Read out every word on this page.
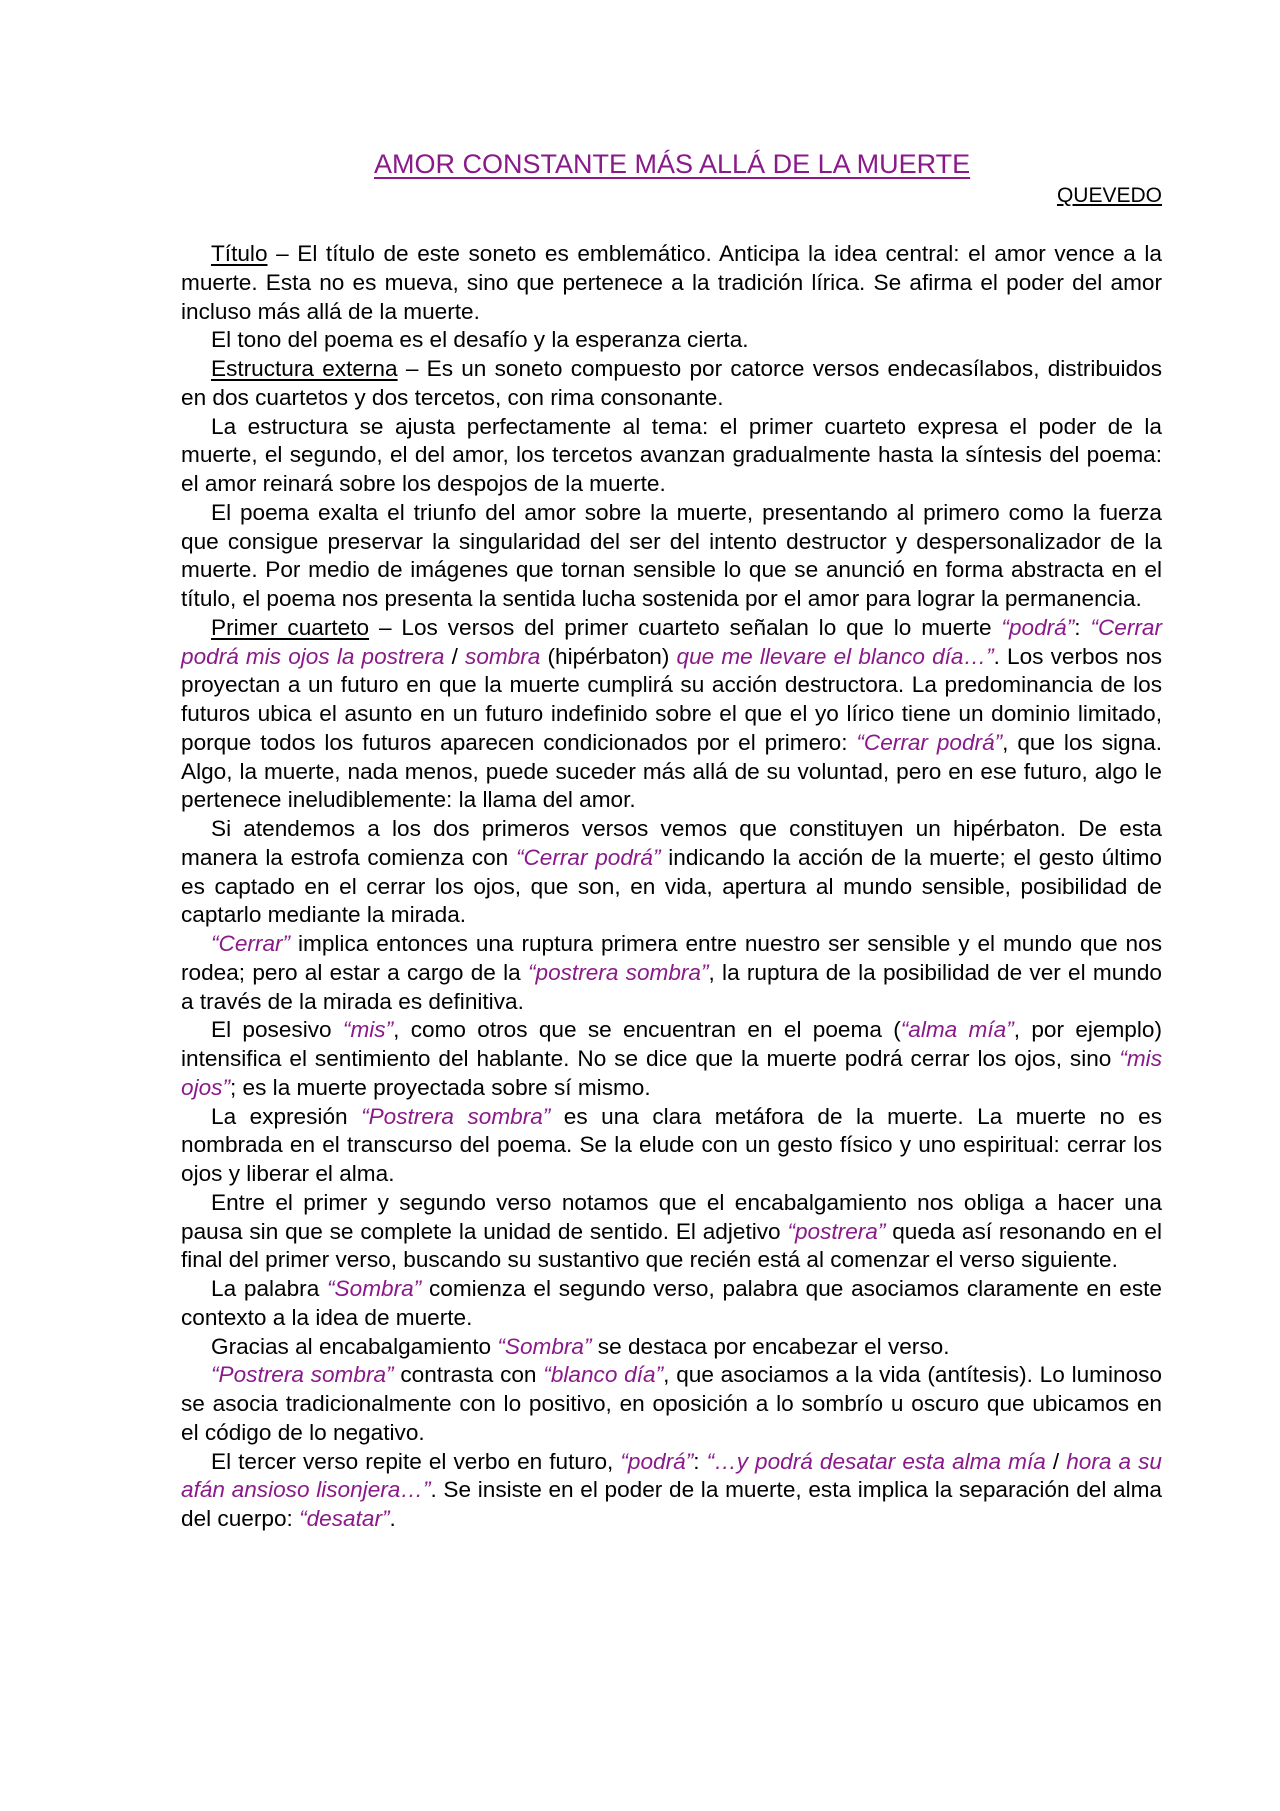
AMOR CONSTANTE MÁS ALLÁ DE LA MUERTE
QUEVEDO

Título – El título de este soneto es emblemático. Anticipa la idea central: el amor vence a la muerte. Esta no es mueva, sino que pertenece a la tradición lírica. Se afirma el poder del amor incluso más allá de la muerte.

El tono del poema es el desafío y la esperanza cierta.

Estructura externa – Es un soneto compuesto por catorce versos endecasílabos, distribuidos en dos cuartetos y dos tercetos, con rima consonante.

La estructura se ajusta perfectamente al tema: el primer cuarteto expresa el poder de la muerte, el segundo, el del amor, los tercetos avanzan gradualmente hasta la síntesis del poema: el amor reinará sobre los despojos de la muerte.

El poema exalta el triunfo del amor sobre la muerte, presentando al primero como la fuerza que consigue preservar la singularidad del ser del intento destructor y despersonalizador de la muerte. Por medio de imágenes que tornan sensible lo que se anunció en forma abstracta en el título, el poema nos presenta la sentida lucha sostenida por el amor para lograr la permanencia.

Primer cuarteto – Los versos del primer cuarteto señalan lo que lo muerte “podrá”: “Cerrar podrá mis ojos la postrera / sombra (hipérbaton) que me llevare el blanco día…”. Los verbos nos proyectan a un futuro en que la muerte cumplirá su acción destructora. La predominancia de los futuros ubica el asunto en un futuro indefinido sobre el que el yo lírico tiene un dominio limitado, porque todos los futuros aparecen condicionados por el primero: “Cerrar podrá”, que los signa. Algo, la muerte, nada menos, puede suceder más allá de su voluntad, pero en ese futuro, algo le pertenece ineludiblemente: la llama del amor.

Si atendemos a los dos primeros versos vemos que constituyen un hipérbaton. De esta manera la estrofa comienza con “Cerrar podrá” indicando la acción de la muerte; el gesto último es captado en el cerrar los ojos, que son, en vida, apertura al mundo sensible, posibilidad de captarlo mediante la mirada.

“Cerrar” implica entonces una ruptura primera entre nuestro ser sensible y el mundo que nos rodea; pero al estar a cargo de la “postrera sombra”, la ruptura de la posibilidad de ver el mundo a través de la mirada es definitiva.

El posesivo “mis”, como otros que se encuentran en el poema (“alma mía”, por ejemplo) intensifica el sentimiento del hablante. No se dice que la muerte podrá cerrar los ojos, sino “mis ojos”; es la muerte proyectada sobre sí mismo.

La expresión “Postrera sombra” es una clara metáfora de la muerte. La muerte no es nombrada en el transcurso del poema. Se la elude con un gesto físico y uno espiritual: cerrar los ojos y liberar el alma.

Entre el primer y segundo verso notamos que el encabalgamiento nos obliga a hacer una pausa sin que se complete la unidad de sentido. El adjetivo “postrera” queda así resonando en el final del primer verso, buscando su sustantivo que recién está al comenzar el verso siguiente.

La palabra “Sombra” comienza el segundo verso, palabra que asociamos claramente en este contexto a la idea de muerte.

Gracias al encabalgamiento “Sombra” se destaca por encabezar el verso.

“Postrera sombra” contrasta con “blanco día”, que asociamos a la vida (antítesis). Lo luminoso se asocia tradicionalmente con lo positivo, en oposición a lo sombrío u oscuro que ubicamos en el código de lo negativo.

El tercer verso repite el verbo en futuro, “podrá”: “…y podrá desatar esta alma mía / hora a su afán ansioso lisonjera…”. Se insiste en el poder de la muerte, esta implica la separación del alma del cuerpo: “desatar”.
